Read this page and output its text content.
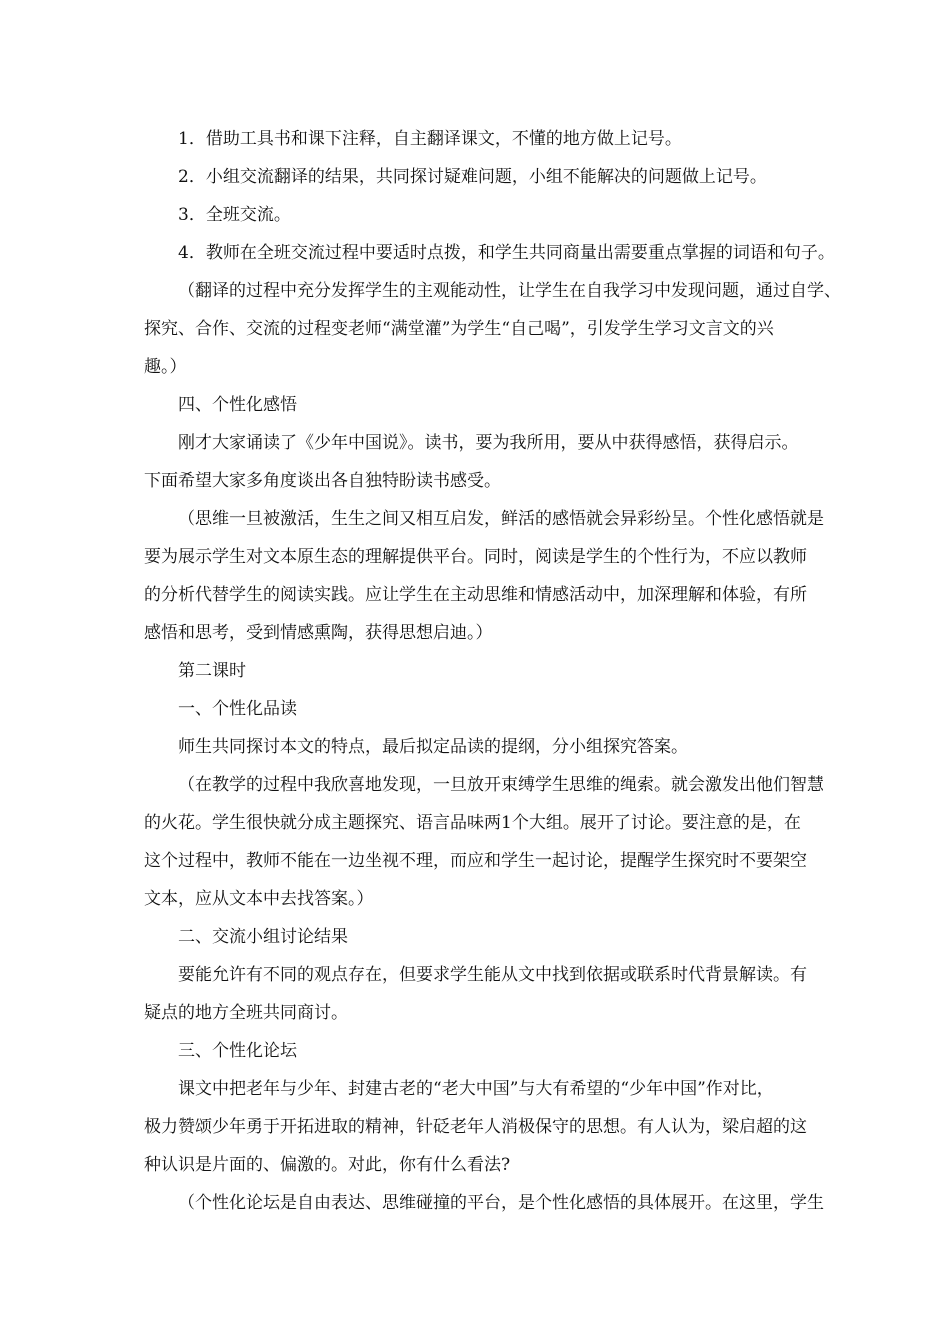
1．借助工具书和课下注释，自主翻译课文，不懂的地方做上记号。

2．小组交流翻译的结果，共同探讨疑难问题，小组不能解决的问题做上记号。

3．全班交流。

4．教师在全班交流过程中要适时点拨，和学生共同商量出需要重点掌握的词语和句子。

（翻译的过程中充分发挥学生的主观能动性，让学生在自我学习中发现问题，通过自学、
探究、合作、交流的过程变老师“满堂灌”为学生“自己喝”，引发学生学习文言文的兴
趣。）

四、个性化感悟

刚才大家诵读了《少年中国说》。读书，要为我所用，要从中获得感悟，获得启示。
下面希望大家多角度谈出各自独特盼读书感受。
（思维一旦被激活，生生之间又相互启发，鲜活的感悟就会异彩纷呈。个性化感悟就是
要为展示学生对文本原生态的理解提供平台。同时，阅读是学生的个性行为，不应以教师
的分析代替学生的阅读实践。应让学生在主动思维和情感活动中，加深理解和体验，有所
感悟和思考，受到情感熏陶，获得思想启迪。）

第二课时

一、个性化品读

师生共同探讨本文的特点，最后拟定品读的提纲，分小组探究答案。

（在教学的过程中我欣喜地发现，一旦放开束缚学生思维的绳索。就会激发出他们智慧
的火花。学生很快就分成主题探究、语言品味两1个大组。展开了讨论。要注意的是，在
这个过程中，教师不能在一边坐视不理，而应和学生一起讨论，提醒学生探究时不要架空
文本，应从文本中去找答案。）

二、交流小组讨论结果

要能允许有不同的观点存在，但要求学生能从文中找到依据或联系时代背景解读。有
疑点的地方全班共同商讨。

三、个性化论坛

课文中把老年与少年、封建古老的“老大中国”与大有希望的“少年中国”作对比，
极力赞颂少年勇于开拓进取的精神，针砭老年人消极保守的思想。有人认为，梁启超的这
种认识是片面的、偏激的。对此，你有什么看法?
（个性化论坛是自由表达、思维碰撞的平台，是个性化感悟的具体展开。在这里，学生
